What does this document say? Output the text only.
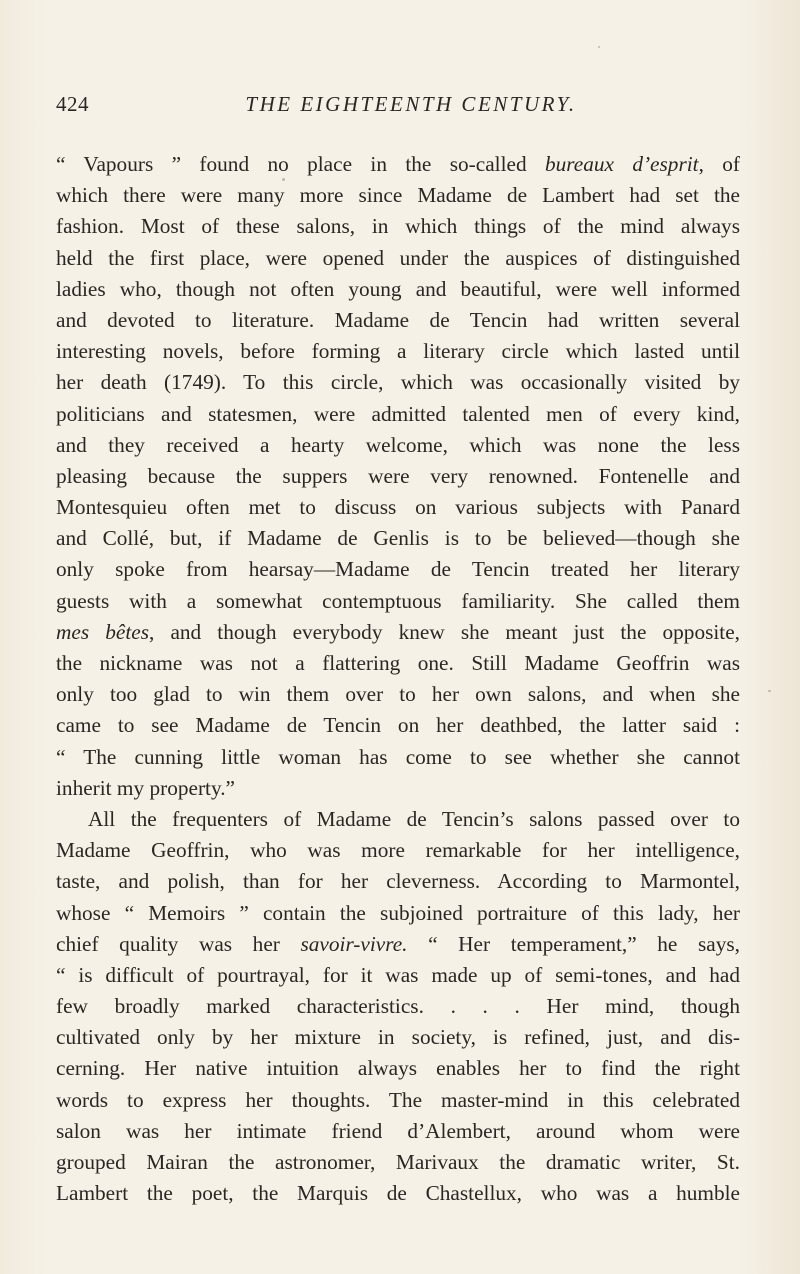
424	THE EIGHTEENTH CENTURY.
“ Vapours ” found no place in the so-called bureaux d’esprit, of
which there were many more since Madame de Lambert had set the
fashion. Most of these salons, in which things of the mind always
held the first place, were opened under the auspices of distinguished
ladies who, though not often young and beautiful, were well informed
and devoted to literature. Madame de Tencin had written several
interesting novels, before forming a literary circle which lasted until
her death (1749). To this circle, which was occasionally visited by
politicians and statesmen, were admitted talented men of every kind,
and they received a hearty welcome, which was none the less
pleasing because the suppers were very renowned. Fontenelle and
Montesquieu often met to discuss on various subjects with Panard
and Collé, but, if Madame de Genlis is to be believed—though she
only spoke from hearsay—Madame de Tencin treated her literary
guests with a somewhat contemptuous familiarity. She called them
mes bêtes, and though everybody knew she meant just the opposite,
the nickname was not a flattering one. Still Madame Geoffrin was
only too glad to win them over to her own salons, and when she
came to see Madame de Tencin on her deathbed, the latter said :
“ The cunning little woman has come to see whether she cannot
inherit my property.”
All the frequenters of Madame de Tencin’s salons passed over to
Madame Geoffrin, who was more remarkable for her intelligence,
taste, and polish, than for her cleverness. According to Marmontel,
whose “ Memoirs ” contain the subjoined portraiture of this lady, her
chief quality was her savoir-vivre. “ Her temperament,” he says,
“ is difficult of pourtrayal, for it was made up of semi-tones, and had
few broadly marked characteristics. . . . Her mind, though
cultivated only by her mixture in society, is refined, just, and dis-
cerning. Her native intuition always enables her to find the right
words to express her thoughts. The master-mind in this celebrated
salon was her intimate friend d’Alembert, around whom were
grouped Mairan the astronomer, Marivaux the dramatic writer, St.
Lambert the poet, the Marquis de Chastellux, who was a humble
